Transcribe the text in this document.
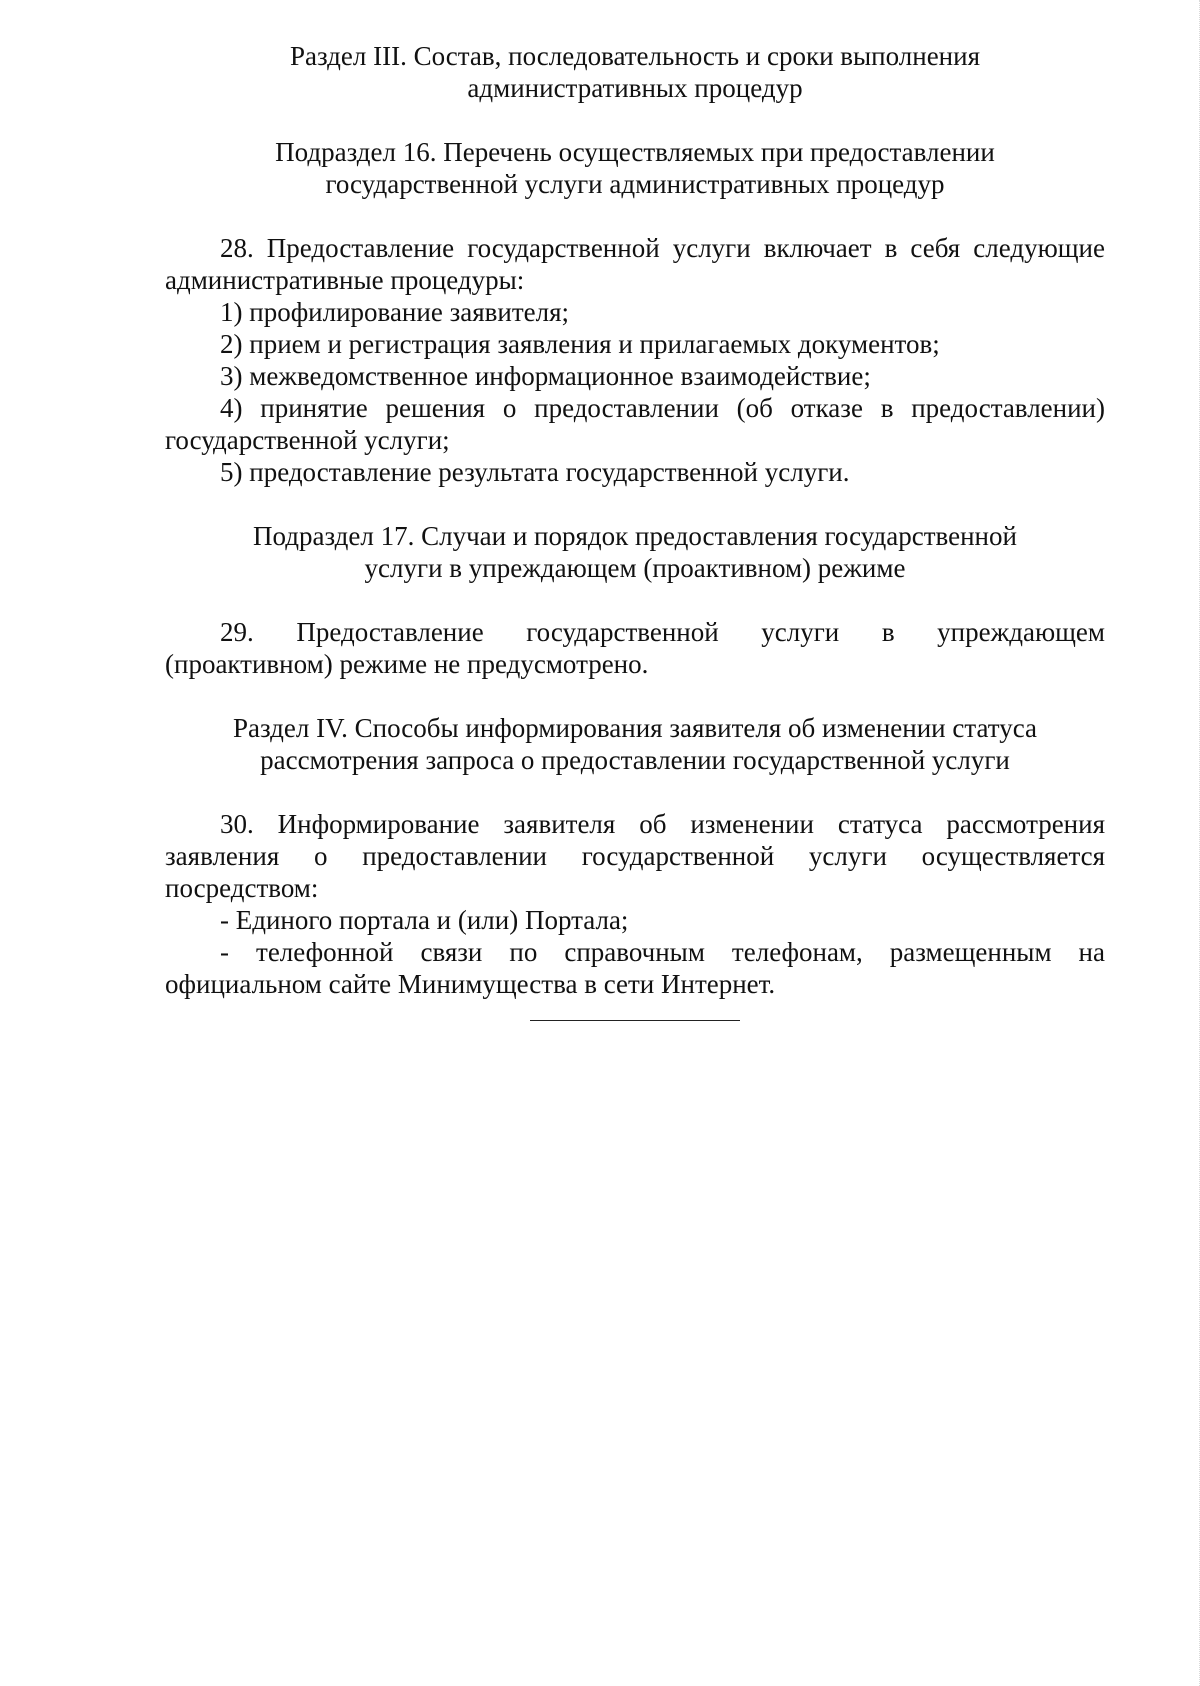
Раздел III. Состав, последовательность и сроки выполнения
административных процедур
Подраздел 16. Перечень осуществляемых при предоставлении
государственной услуги административных процедур
28. Предоставление государственной услуги включает в себя следующие
административные процедуры:
1) профилирование заявителя;
2) прием и регистрация заявления и прилагаемых документов;
3) межведомственное информационное взаимодействие;
4) принятие решения о предоставлении (об отказе в предоставлении)
государственной услуги;
5) предоставление результата государственной услуги.
Подраздел 17. Случаи и порядок предоставления государственной
услуги в упреждающем (проактивном) режиме
29. Предоставление государственной услуги в упреждающем
(проактивном) режиме не предусмотрено.
Раздел IV. Способы информирования заявителя об изменении статуса
рассмотрения запроса о предоставлении государственной услуги
30. Информирование заявителя об изменении статуса рассмотрения
заявления о предоставлении государственной услуги осуществляется
посредством:
- Единого портала и (или) Портала;
- телефонной связи по справочным телефонам, размещенным на
официальном сайте Минимущества в сети Интернет.
